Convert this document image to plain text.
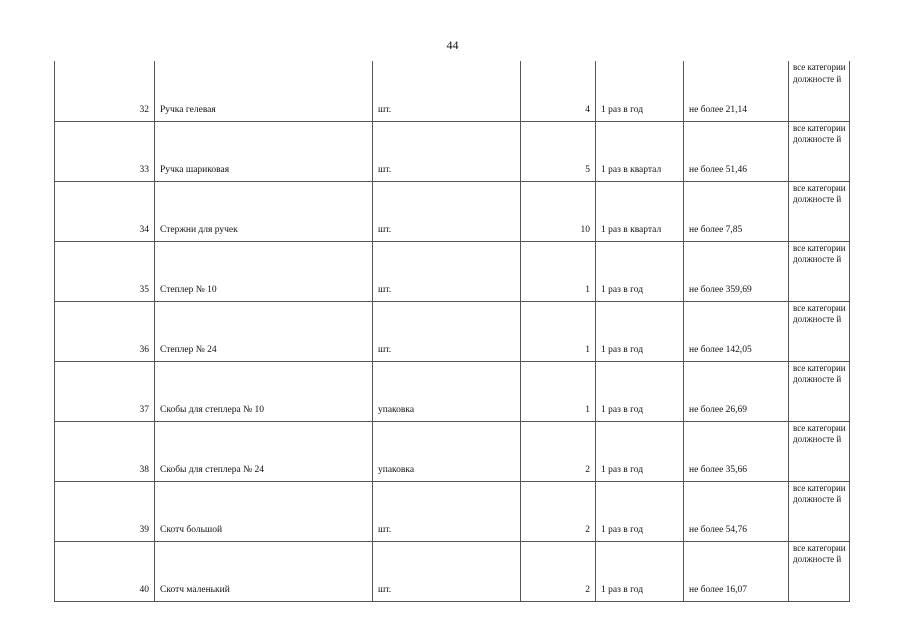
44
32	Ручка гелевая	шт.	4	1 раз в год	не более 21,14	все категории должносте й
33	Ручка шариковая	шт.	5	1 раз в квартал	не более 51,46	все категории должносте й
34	Стержни для ручек	шт.	10	1 раз в квартал	не более 7,85	все категории должносте й
35	Степлер № 10	шт.	1	1 раз в год	не более 359,69	все категории должносте й
36	Степлер № 24	шт.	1	1 раз в год	не более 142,05	все категории должносте й
37	Скобы для степлера № 10	упаковка	1	1 раз в год	не более 26,69	все категории должносте й
38	Скобы для степлера № 24	упаковка	2	1 раз в год	не более 35,66	все категории должносте й
39	Скотч большой	шт.	2	1 раз в год	не более 54,76	все категории должносте й
40	Скотч маленький	шт.	2	1 раз в год	не более 16,07	все категории должносте й
